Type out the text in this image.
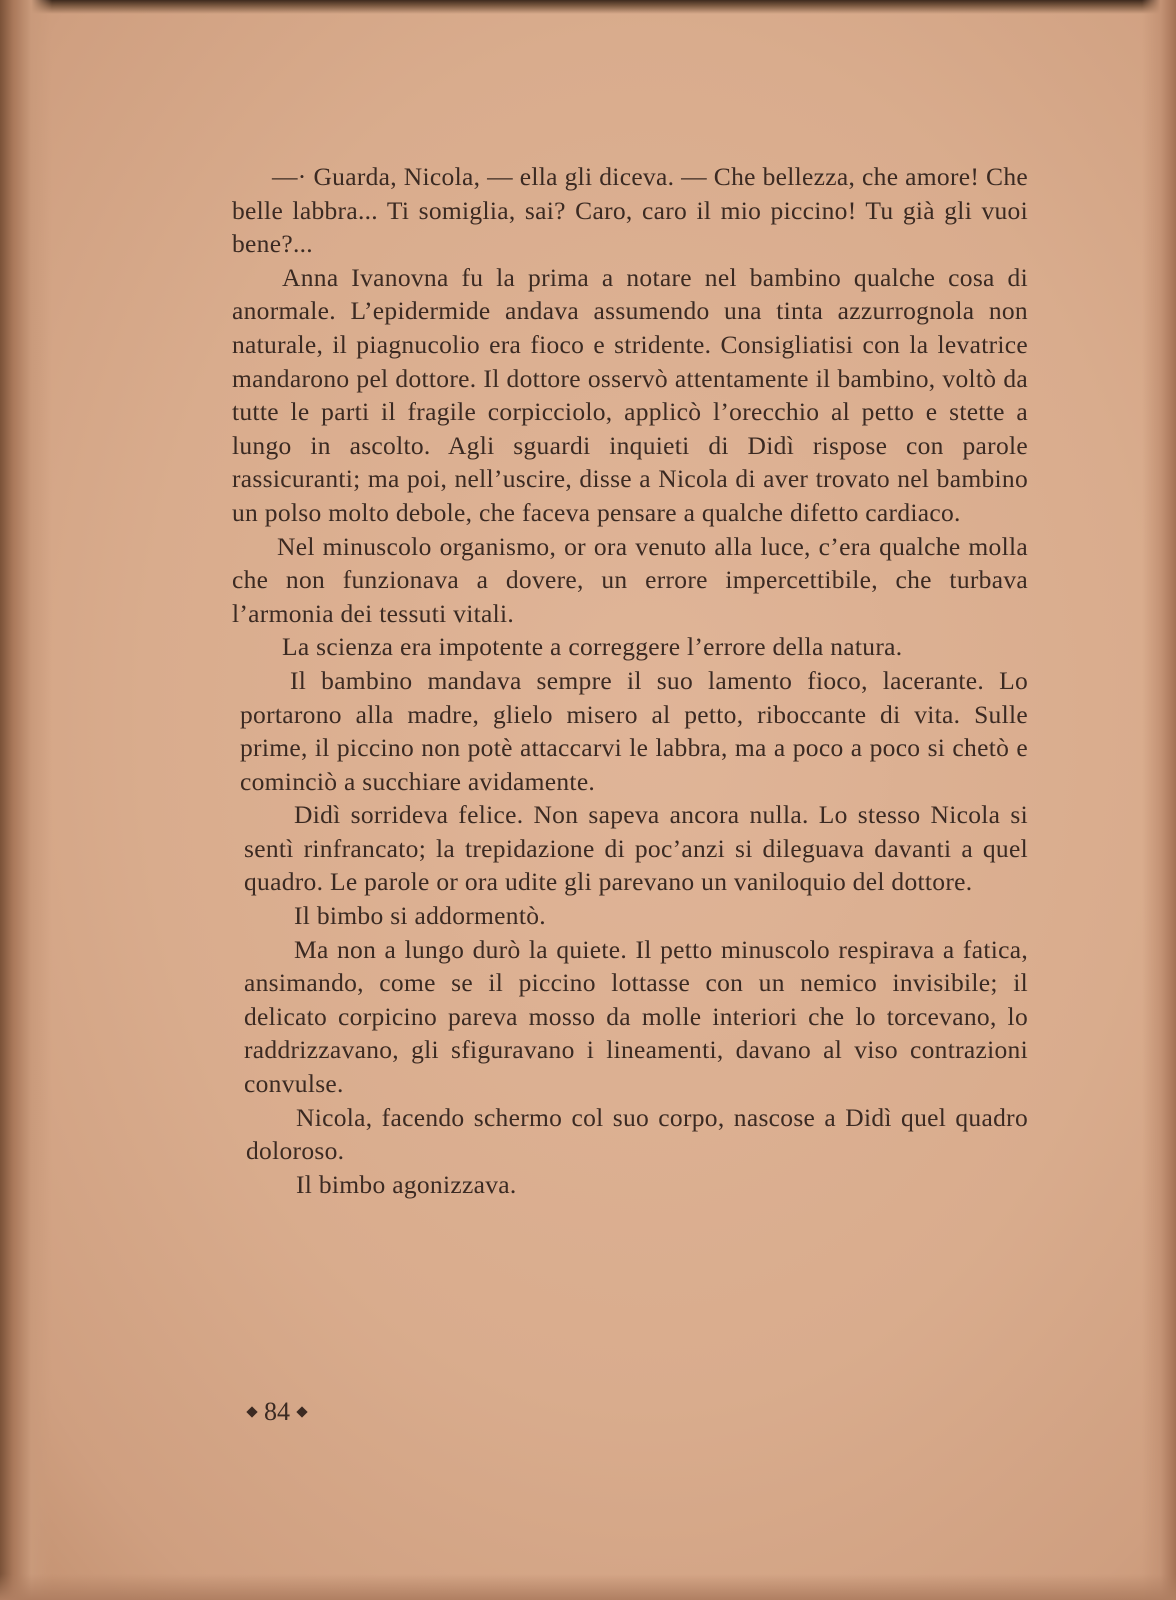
—· Guarda, Nicola, — ella gli diceva. — Che bellezza, che amore! Che belle labbra... Ti somiglia, sai? Caro, caro il mio piccino! Tu già gli vuoi bene?...

Anna Ivanovna fu la prima a notare nel bambino qualche cosa di anormale. L’epidermide andava assumendo una tinta azzurrognola non naturale, il piagnucolio era fioco e stridente. Consigliatisi con la levatrice mandarono pel dottore. Il dottore osservò attentamente il bambino, voltò da tutte le parti il fragile corpicciolo, applicò l’orecchio al petto e stette a lungo in ascolto. Agli sguardi inquieti di Didì rispose con parole rassicuranti; ma poi, nell’uscire, disse a Nicola di aver trovato nel bambino un polso molto debole, che faceva pensare a qualche difetto cardiaco.

Nel minuscolo organismo, or ora venuto alla luce, c’era qualche molla che non funzionava a dovere, un errore impercettibile, che turbava l’armonia dei tessuti vitali.

La scienza era impotente a correggere l’errore della natura.

Il bambino mandava sempre il suo lamento fioco, lacerante. Lo portarono alla madre, glielo misero al petto, riboccante di vita. Sulle prime, il piccino non potè attaccarvi le labbra, ma a poco a poco si chetò e cominciò a succhiare avidamente.

Didì sorrideva felice. Non sapeva ancora nulla. Lo stesso Nicola si sentì rinfrancato; la trepidazione di poc’anzi si dileguava davanti a quel quadro. Le parole or ora udite gli parevano un vaniloquio del dottore.

Il bimbo si addormentò.

Ma non a lungo durò la quiete. Il petto minuscolo respirava a fatica, ansimando, come se il piccino lottasse con un nemico invisibile; il delicato corpicino pareva mosso da molle interiori che lo torcevano, lo raddrizzavano, gli sfiguravano i lineamenti, davano al viso contrazioni convulse.

Nicola, facendo schermo col suo corpo, nascose a Didì quel quadro doloroso.

Il bimbo agonizzava.

84
